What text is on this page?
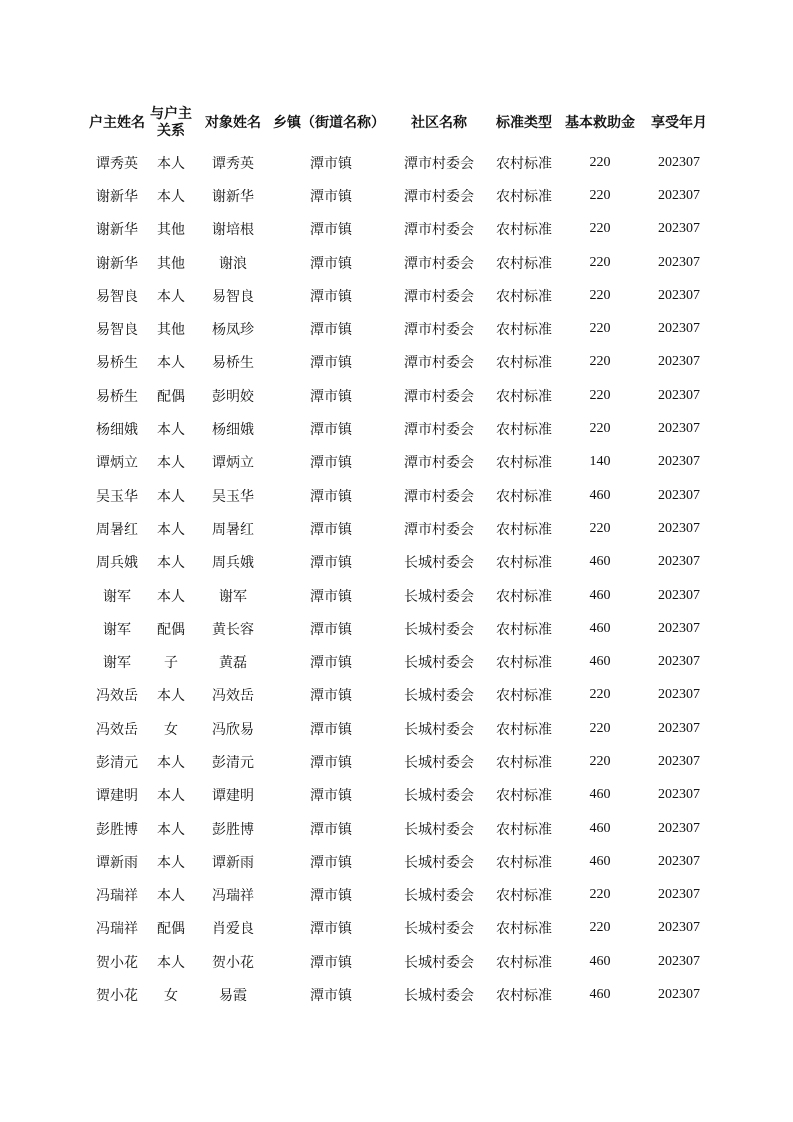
户主姓名	与户主关系	对象姓名	乡镇（街道名称）	社区名称	标准类型	基本救助金	享受年月
谭秀英	本人	谭秀英	潭市镇	潭市村委会	农村标准	220	202307
谢新华	本人	谢新华	潭市镇	潭市村委会	农村标准	220	202307
谢新华	其他	谢培根	潭市镇	潭市村委会	农村标准	220	202307
谢新华	其他	谢浪	潭市镇	潭市村委会	农村标准	220	202307
易智良	本人	易智良	潭市镇	潭市村委会	农村标准	220	202307
易智良	其他	杨凤珍	潭市镇	潭市村委会	农村标准	220	202307
易桥生	本人	易桥生	潭市镇	潭市村委会	农村标准	220	202307
易桥生	配偶	彭明姣	潭市镇	潭市村委会	农村标准	220	202307
杨细娥	本人	杨细娥	潭市镇	潭市村委会	农村标准	220	202307
谭炳立	本人	谭炳立	潭市镇	潭市村委会	农村标准	140	202307
吴玉华	本人	吴玉华	潭市镇	潭市村委会	农村标准	460	202307
周暑红	本人	周暑红	潭市镇	潭市村委会	农村标准	220	202307
周兵娥	本人	周兵娥	潭市镇	长城村委会	农村标准	460	202307
谢军	本人	谢军	潭市镇	长城村委会	农村标准	460	202307
谢军	配偶	黄长容	潭市镇	长城村委会	农村标准	460	202307
谢军	子	黄磊	潭市镇	长城村委会	农村标准	460	202307
冯效岳	本人	冯效岳	潭市镇	长城村委会	农村标准	220	202307
冯效岳	女	冯欣易	潭市镇	长城村委会	农村标准	220	202307
彭清元	本人	彭清元	潭市镇	长城村委会	农村标准	220	202307
谭建明	本人	谭建明	潭市镇	长城村委会	农村标准	460	202307
彭胜博	本人	彭胜博	潭市镇	长城村委会	农村标准	460	202307
谭新雨	本人	谭新雨	潭市镇	长城村委会	农村标准	460	202307
冯瑞祥	本人	冯瑞祥	潭市镇	长城村委会	农村标准	220	202307
冯瑞祥	配偶	肖爱良	潭市镇	长城村委会	农村标准	220	202307
贺小花	本人	贺小花	潭市镇	长城村委会	农村标准	460	202307
贺小花	女	易霞	潭市镇	长城村委会	农村标准	460	202307
